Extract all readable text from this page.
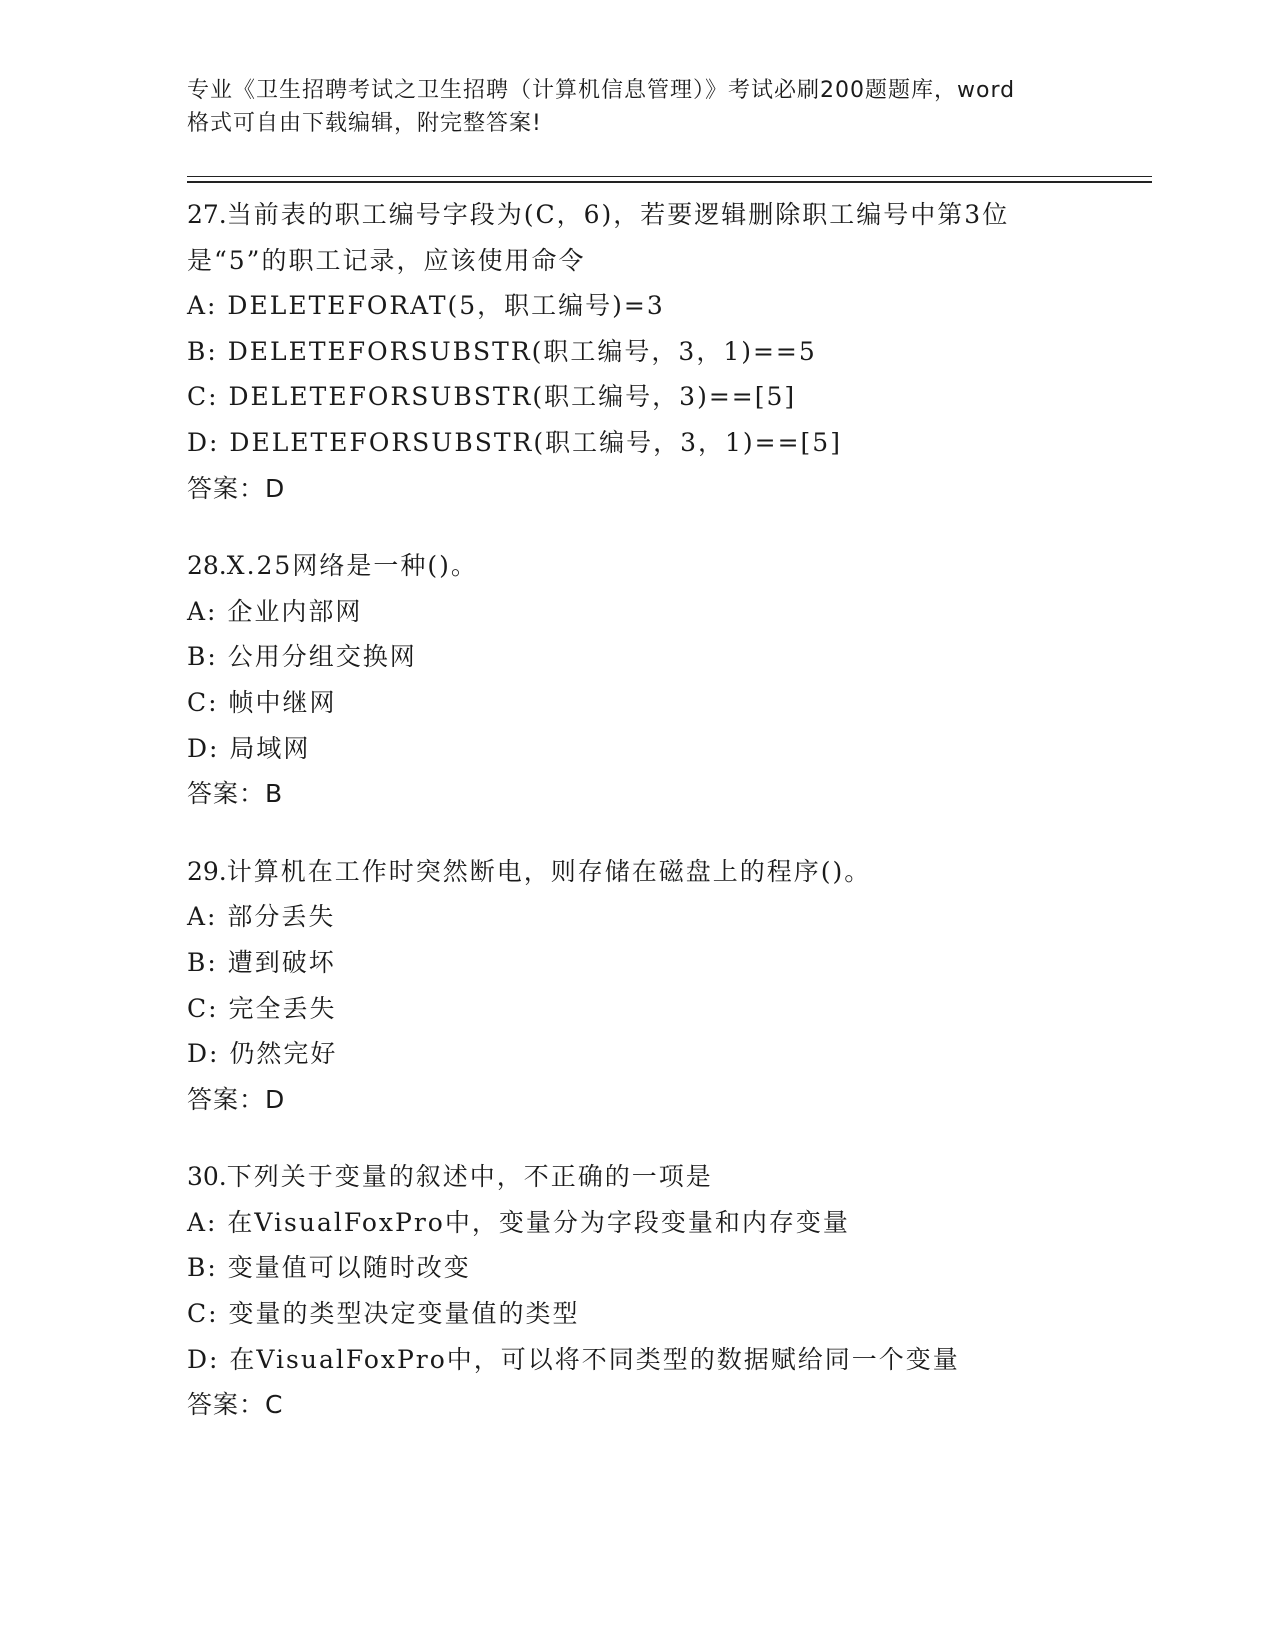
专业《卫生招聘考试之卫生招聘（计算机信息管理）》考试必刷200题题库，word
格式可自由下载编辑，附完整答案!
27.当前表的职工编号字段为(C，6)，若要逻辑删除职工编号中第3位
是“5”的职工记录，应该使用命令
A: DELETEFORAT(5，职工编号)=3
B: DELETEFORSUBSTR(职工编号，3，1)==5
C: DELETEFORSUBSTR(职工编号，3)==[5]
D: DELETEFORSUBSTR(职工编号，3，1)==[5]
答案：D
28.X.25网络是一种()。
A: 企业内部网
B: 公用分组交换网
C: 帧中继网
D: 局域网
答案：B
29.计算机在工作时突然断电，则存储在磁盘上的程序()。
A: 部分丢失
B: 遭到破坏
C: 完全丢失
D: 仍然完好
答案：D
30.下列关于变量的叙述中，不正确的一项是
A: 在VisualFoxPro中，变量分为字段变量和内存变量
B: 变量值可以随时改变
C: 变量的类型决定变量值的类型
D: 在VisualFoxPro中，可以将不同类型的数据赋给同一个变量
答案：C
